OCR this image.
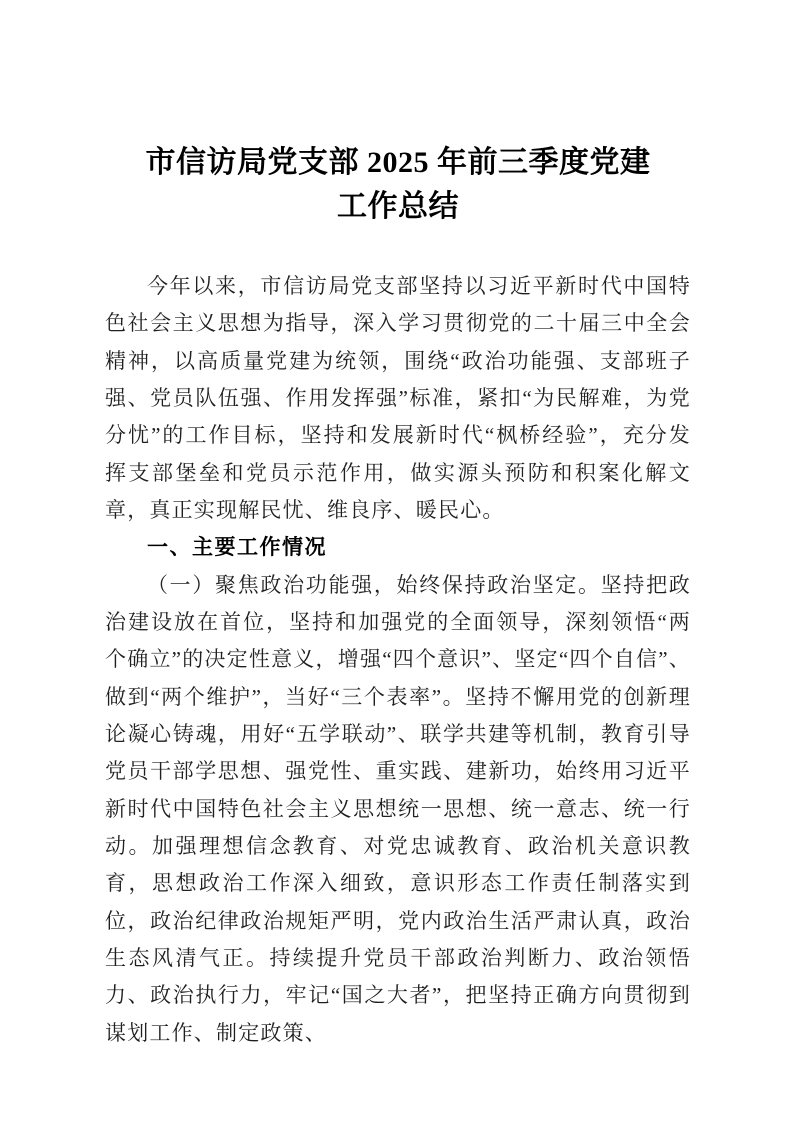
市信访局党支部 2025 年前三季度党建
工作总结

今年以来，市信访局党支部坚持以习近平新时代中国特色社会主义思想为指导，深入学习贯彻党的二十届三中全会精神，以高质量党建为统领，围绕“政治功能强、支部班子强、党员队伍强、作用发挥强”标准，紧扣“为民解难，为党分忧”的工作目标，坚持和发展新时代“枫桥经验”，充分发挥支部堡垒和党员示范作用，做实源头预防和积案化解文章，真正实现解民忧、维良序、暖民心。

一、主要工作情况

（一）聚焦政治功能强，始终保持政治坚定。坚持把政治建设放在首位，坚持和加强党的全面领导，深刻领悟“两个确立”的决定性意义，增强“四个意识”、坚定“四个自信”、做到“两个维护”，当好“三个表率”。坚持不懈用党的创新理论凝心铸魂，用好“五学联动”、联学共建等机制，教育引导党员干部学思想、强党性、重实践、建新功，始终用习近平新时代中国特色社会主义思想统一思想、统一意志、统一行动。加强理想信念教育、对党忠诚教育、政治机关意识教育，思想政治工作深入细致，意识形态工作责任制落实到位，政治纪律政治规矩严明，党内政治生活严肃认真，政治生态风清气正。持续提升党员干部政治判断力、政治领悟力、政治执行力，牢记“国之大者”，把坚持正确方向贯彻到谋划工作、制定政策、
